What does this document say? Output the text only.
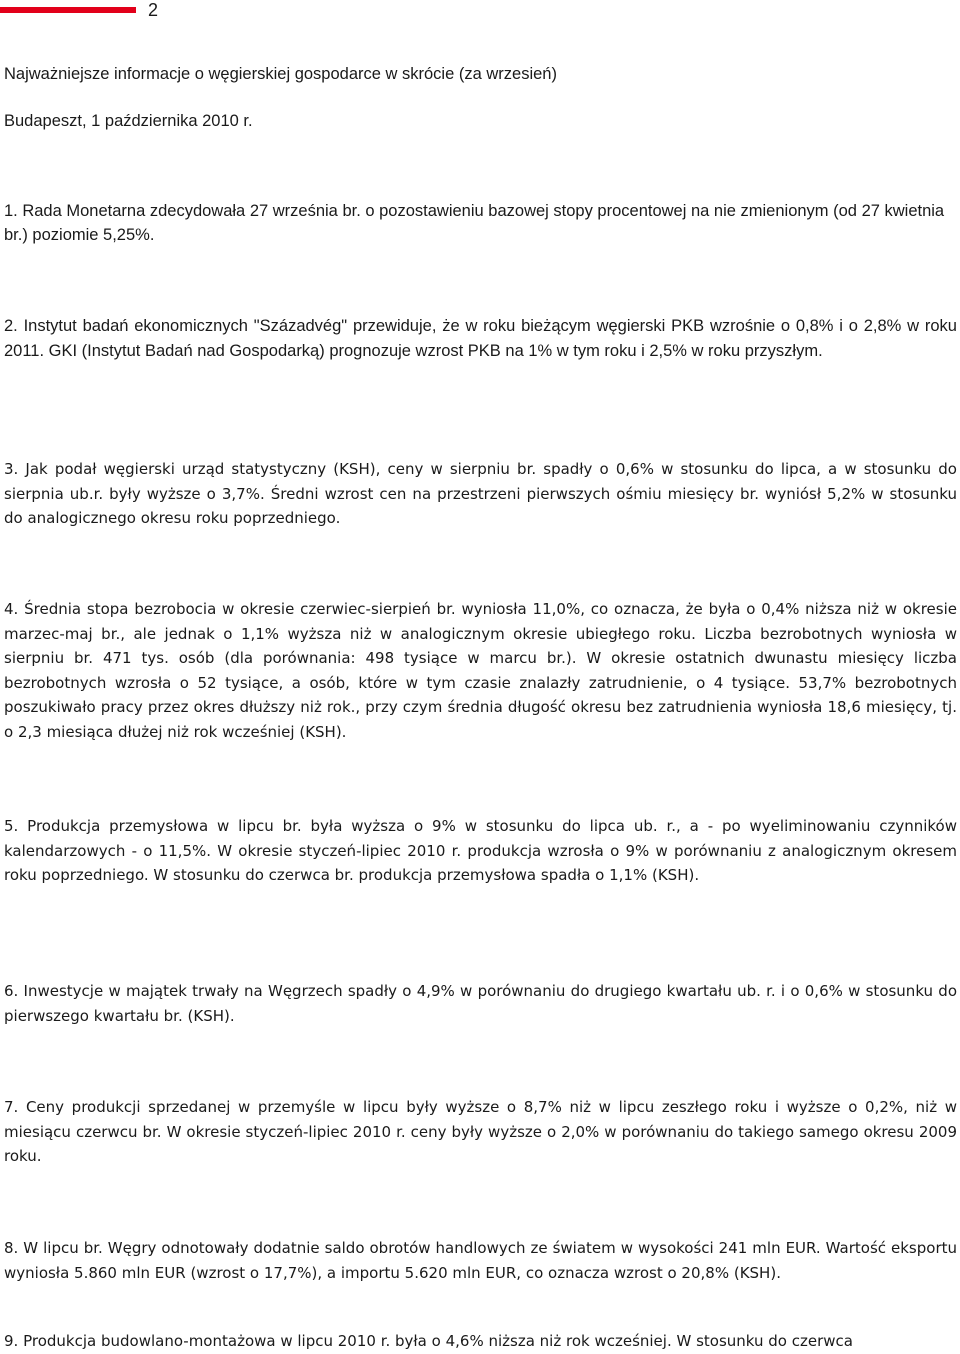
2

Najważniejsze informacje o węgierskiej gospodarce w skrócie (za wrzesień)

Budapeszt, 1 października 2010 r.

1. Rada Monetarna zdecydowała 27 września br. o pozostawieniu bazowej stopy procentowej na nie zmienionym (od 27 kwietnia br.) poziomie 5,25%.

2. Instytut badań ekonomicznych "Századvég" przewiduje, że w roku bieżącym węgierski PKB wzrośnie o 0,8% i o 2,8% w roku 2011. GKI (Instytut Badań nad Gospodarką) prognozuje wzrost PKB na 1% w tym roku i 2,5% w roku przyszłym.

3. Jak podał węgierski urząd statystyczny (KSH), ceny w sierpniu br. spadły o 0,6% w stosunku do lipca, a w stosunku do sierpnia ub.r. były wyższe o 3,7%. Średni wzrost cen na przestrzeni pierwszych ośmiu miesięcy br. wyniósł 5,2% w stosunku do analogicznego okresu roku poprzedniego.

4. Średnia stopa bezrobocia w okresie czerwiec-sierpień br. wyniosła 11,0%, co oznacza, że była o 0,4% niższa niż w okresie marzec-maj br., ale jednak o 1,1% wyższa niż w analogicznym okresie ubiegłego roku. Liczba bezrobotnych wyniosła w sierpniu br. 471 tys. osób (dla porównania: 498 tysiące w marcu br.). W okresie ostatnich dwunastu miesięcy liczba bezrobotnych wzrosła o 52 tysiące, a osób, które w tym czasie znalazły zatrudnienie, o 4 tysiące. 53,7% bezrobotnych poszukiwało pracy przez okres dłuższy niż rok., przy czym średnia długość okresu bez zatrudnienia wyniosła 18,6 miesięcy, tj. o 2,3 miesiąca dłużej niż rok wcześniej (KSH).

5. Produkcja przemysłowa w lipcu br. była wyższa o 9% w stosunku do lipca ub. r., a - po wyeliminowaniu czynników kalendarzowych - o 11,5%. W okresie styczeń-lipiec 2010 r. produkcja wzrosła o 9% w porównaniu z analogicznym okresem roku poprzedniego. W stosunku do czerwca br. produkcja przemysłowa spadła o 1,1% (KSH).

6. Inwestycje w majątek trwały na Węgrzech spadły o 4,9% w porównaniu do drugiego kwartału ub. r. i o 0,6% w stosunku do pierwszego kwartału br. (KSH).

7. Ceny produkcji sprzedanej w przemyśle w lipcu były wyższe o 8,7% niż w lipcu zeszłego roku i wyższe o 0,2%, niż w miesiącu czerwcu br. W okresie styczeń-lipiec 2010 r. ceny były wyższe o 2,0% w porównaniu do takiego samego okresu 2009 roku.

8. W lipcu br. Węgry odnotowały dodatnie saldo obrotów handlowych ze światem w wysokości 241 mln EUR. Wartość eksportu wyniosła 5.860 mln EUR (wzrost o 17,7%), a importu 5.620 mln EUR, co oznacza wzrost o 20,8% (KSH).

9. Produkcja budowlano-montażowa w lipcu 2010 r. była o 4,6% niższa niż rok wcześniej. W stosunku do czerwca
